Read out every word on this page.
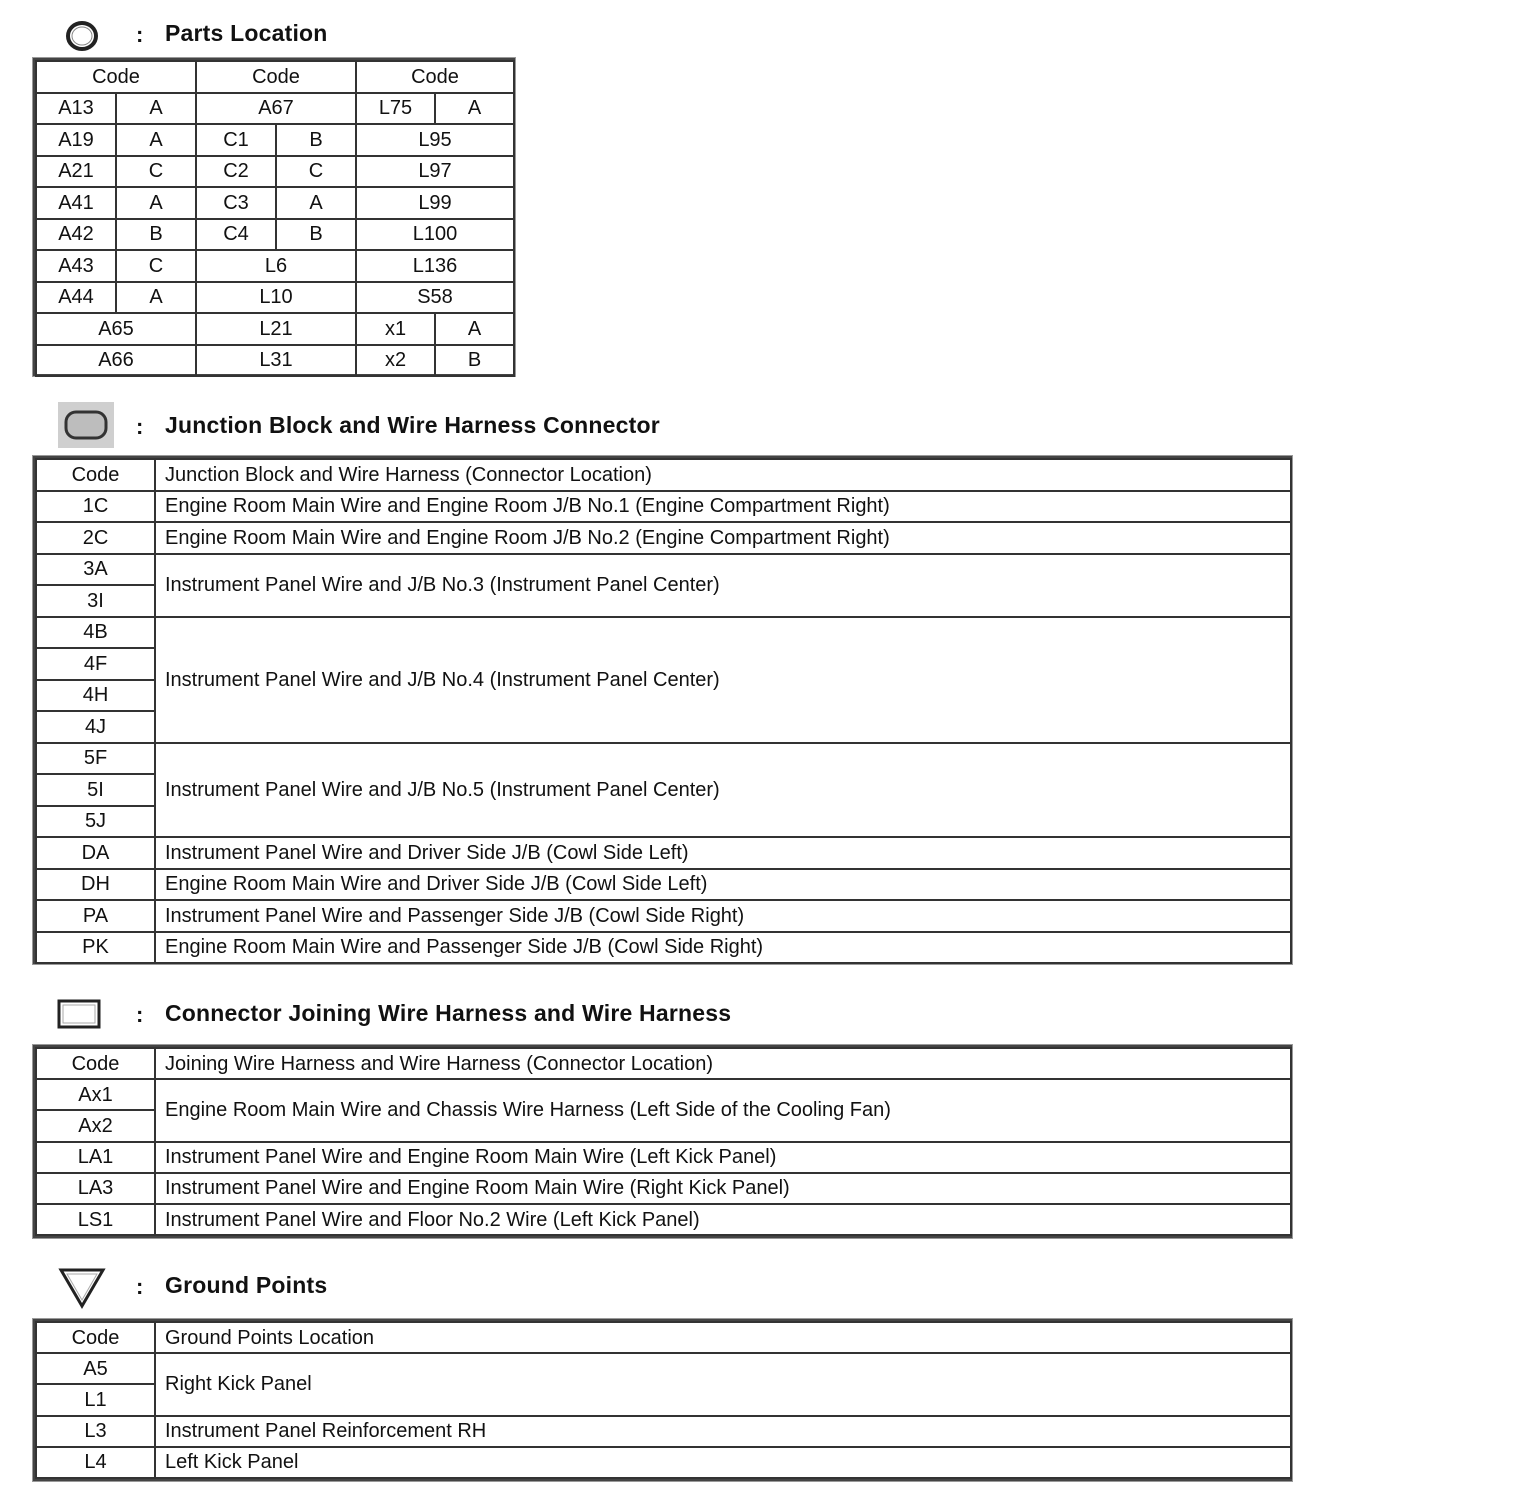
: Parts Location
Code		Code		Code	
A13	A	A67		L75	A
A19	A	C1	B	L95	
A21	C	C2	C	L97	
A41	A	C3	A	L99	
A42	B	C4	B	L100	
A43	C	L6		L136	
A44	A	L10		S58	
A65		L21		x1	A
A66		L31		x2	B
: Junction Block and Wire Harness Connector
Code	Junction Block and Wire Harness (Connector Location)
1C	Engine Room Main Wire and Engine Room J/B No.1 (Engine Compartment Right)
2C	Engine Room Main Wire and Engine Room J/B No.2 (Engine Compartment Right)
3A	Instrument Panel Wire and J/B No.3 (Instrument Panel Center)
3I	
4B	Instrument Panel Wire and J/B No.4 (Instrument Panel Center)
4F	
4H	
4J	
5F	Instrument Panel Wire and J/B No.5 (Instrument Panel Center)
5I	
5J	
DA	Instrument Panel Wire and Driver Side J/B (Cowl Side Left)
DH	Engine Room Main Wire and Driver Side J/B (Cowl Side Left)
PA	Instrument Panel Wire and Passenger Side J/B (Cowl Side Right)
PK	Engine Room Main Wire and Passenger Side J/B (Cowl Side Right)
: Connector Joining Wire Harness and Wire Harness
Code	Joining Wire Harness and Wire Harness (Connector Location)
Ax1	Engine Room Main Wire and Chassis Wire Harness (Left Side of the Cooling Fan)
Ax2	
LA1	Instrument Panel Wire and Engine Room Main Wire (Left Kick Panel)
LA3	Instrument Panel Wire and Engine Room Main Wire (Right Kick Panel)
LS1	Instrument Panel Wire and Floor No.2 Wire (Left Kick Panel)
: Ground Points
Code	Ground Points Location
A5	Right Kick Panel
L1	
L3	Instrument Panel Reinforcement RH
L4	Left Kick Panel
